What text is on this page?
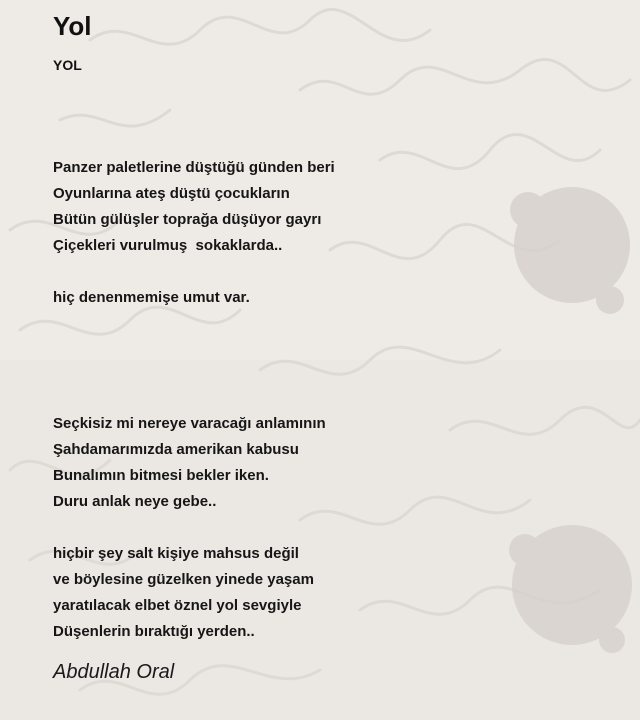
Yol
YOL
Panzer paletlerine düştüğü günden beri
Oyunlarına ateş düştü çocukların
Bütün gülüşler toprağa düşüyor gayrı
Çiçekleri vurulmuş  sokaklarda..
hiç denenmemişe umut var.
Seçkisiz mi nereye varacağı anlamının
Şahdamarımızda amerikan kabusu
Bunalımın bitmesi bekler iken.
Duru anlak neye gebe..
hiçbir şey salt kişiye mahsus değil
ve böylesine güzelken yinede yaşam
yaratılacak elbet öznel yol sevgiyle
Düşenlerin bıraktığı yerden..

Abdullah Oral
